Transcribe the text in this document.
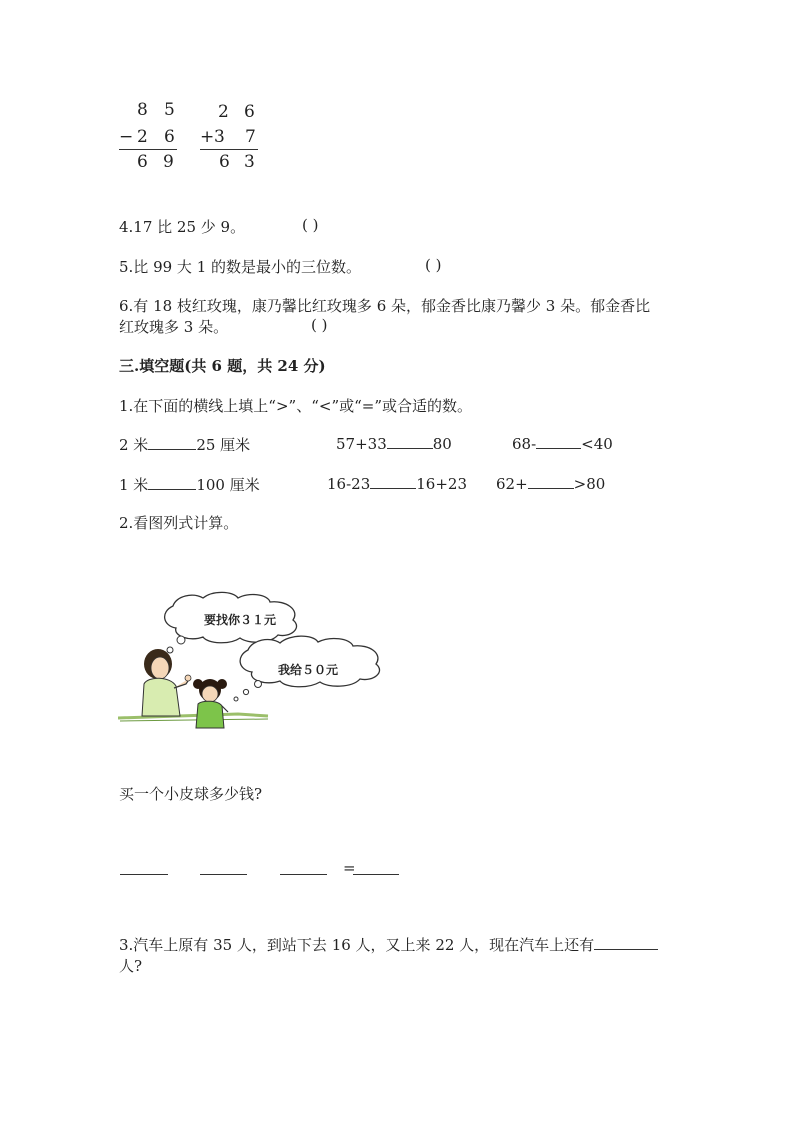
8 5
− 2 6
6 9
2 6
+ 3 7
6 3
4.17 比 25 少 9。	( )
5.比 99 大 1 的数是最小的三位数。	( )
6.有 18 枝红玫瑰，康乃馨比红玫瑰多 6 朵，郁金香比康乃馨少 3 朵。郁金香比
红玫瑰多 3 朵。	( )
三.填空题(共 6 题，共 24 分)
1.在下面的横线上填上“>”、“<”或“=”或合适的数。
2 米	25 厘米	57+33	80	68-	<40
1 米	100 厘米	16-23	16+23 62+	>80
2.看图列式计算。
要找你３１元
我给５０元
买一个小皮球多少钱?
=
3.汽车上原有 35 人，到站下去 16 人，又上来 22 人，现在汽车上还有
人?
